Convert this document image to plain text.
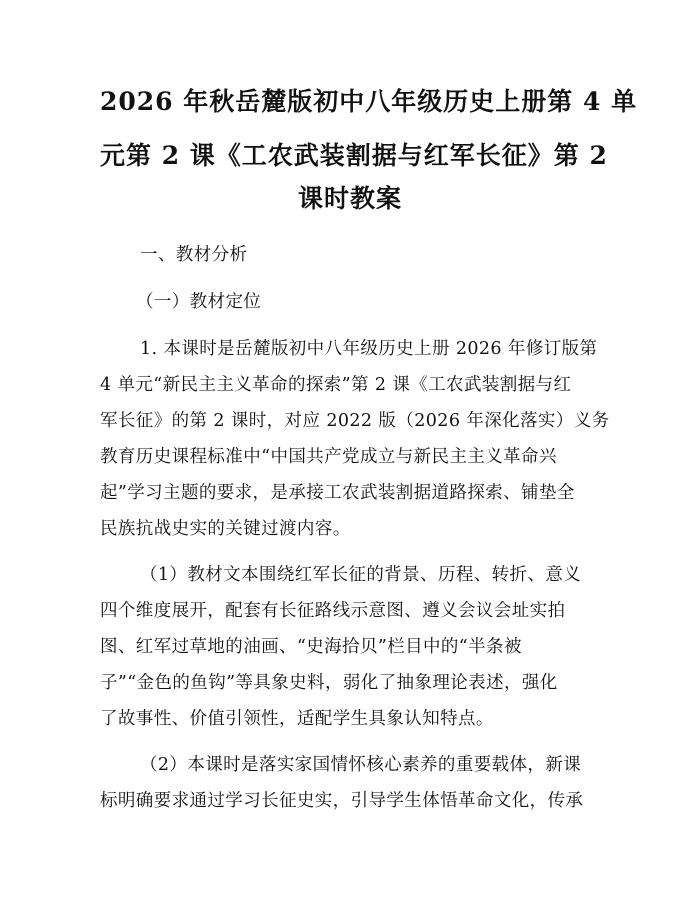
2026 年秋岳麓版初中八年级历史上册第 4 单
元第 2 课《工农武装割据与红军长征》第 2
课时教案
一、教材分析
（一）教材定位
1. 本课时是岳麓版初中八年级历史上册 2026 年修订版第
4 单元“新民主主义革命的探索”第 2 课《工农武装割据与红
军长征》的第 2 课时，对应 2022 版（2026 年深化落实）义务
教育历史课程标准中“中国共产党成立与新民主主义革命兴
起”学习主题的要求，是承接工农武装割据道路探索、铺垫全
民族抗战史实的关键过渡内容。
（1）教材文本围绕红军长征的背景、历程、转折、意义
四个维度展开，配套有长征路线示意图、遵义会议会址实拍
图、红军过草地的油画、“史海拾贝”栏目中的“半条被
子”“金色的鱼钩”等具象史料，弱化了抽象理论表述，强化
了故事性、价值引领性，适配学生具象认知特点。
（2）本课时是落实家国情怀核心素养的重要载体，新课
标明确要求通过学习长征史实，引导学生体悟革命文化，传承
